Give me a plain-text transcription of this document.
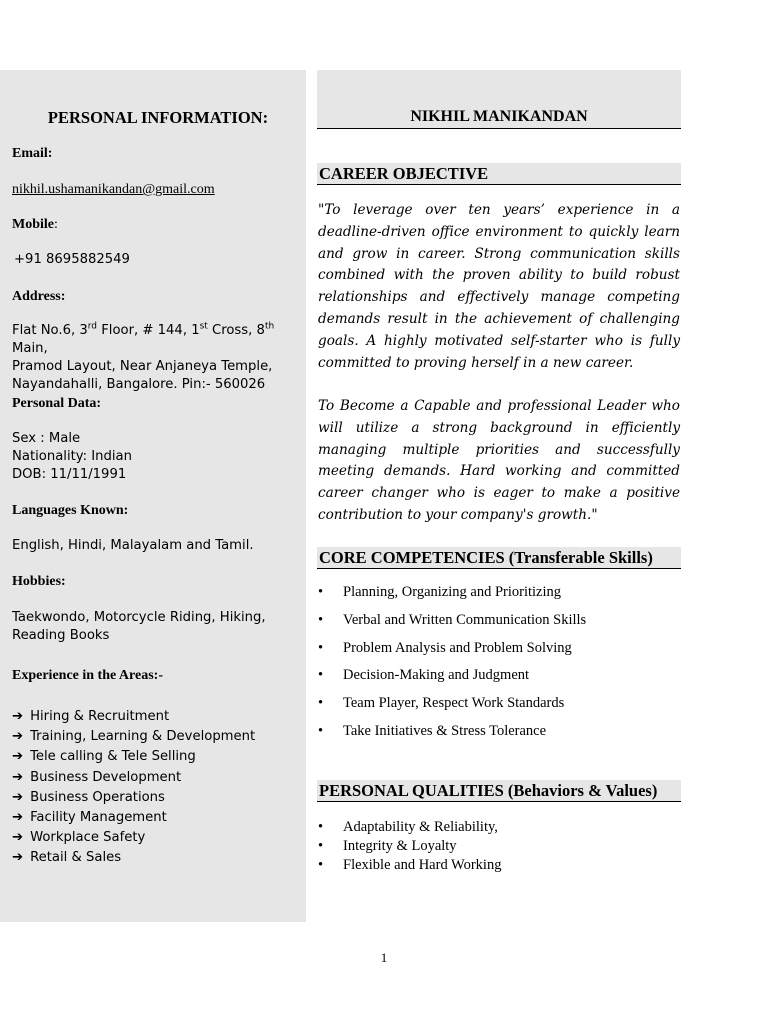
PERSONAL INFORMATION:
Email:
nikhil.ushamanikandan@gmail.com
Mobile:
+91 8695882549
Address:
Flat No.6, 3rd Floor, # 144, 1st Cross, 8th Main,
Pramod Layout, Near Anjaneya Temple,
Nayandahalli, Bangalore. Pin:- 560026
Personal Data:
Sex : Male
Nationality: Indian
DOB: 11/11/1991
Languages Known:
English, Hindi, Malayalam and Tamil.
Hobbies:
Taekwondo, Motorcycle Riding, Hiking,
Reading Books
Experience in the Areas:-
➔ Hiring & Recruitment
➔ Training, Learning & Development
➔ Tele calling & Tele Selling
➔ Business Development
➔ Business Operations
➔ Facility Management
➔ Workplace Safety
➔ Retail & Sales
NIKHIL MANIKANDAN
CAREER OBJECTIVE

"To leverage over ten years’ experience in a deadline-driven office environment to quickly learn and grow in career. Strong communication skills combined with the proven ability to build robust relationships and effectively manage competing demands result in the achievement of challenging goals. A highly motivated self-starter who is fully committed to proving herself in a new career.

To Become a Capable and professional Leader who will utilize a strong background in efficiently managing multiple priorities and successfully meeting demands. Hard working and committed career changer who is eager to make a positive contribution to your company's growth."

CORE COMPETENCIES (Transferable Skills)
• Planning, Organizing and Prioritizing
• Verbal and Written Communication Skills
• Problem Analysis and Problem Solving
• Decision-Making and Judgment
• Team Player, Respect Work Standards
• Take Initiatives & Stress Tolerance
PERSONAL QUALITIES (Behaviors & Values)
• Adaptability & Reliability,
• Integrity & Loyalty
• Flexible and Hard Working
1
